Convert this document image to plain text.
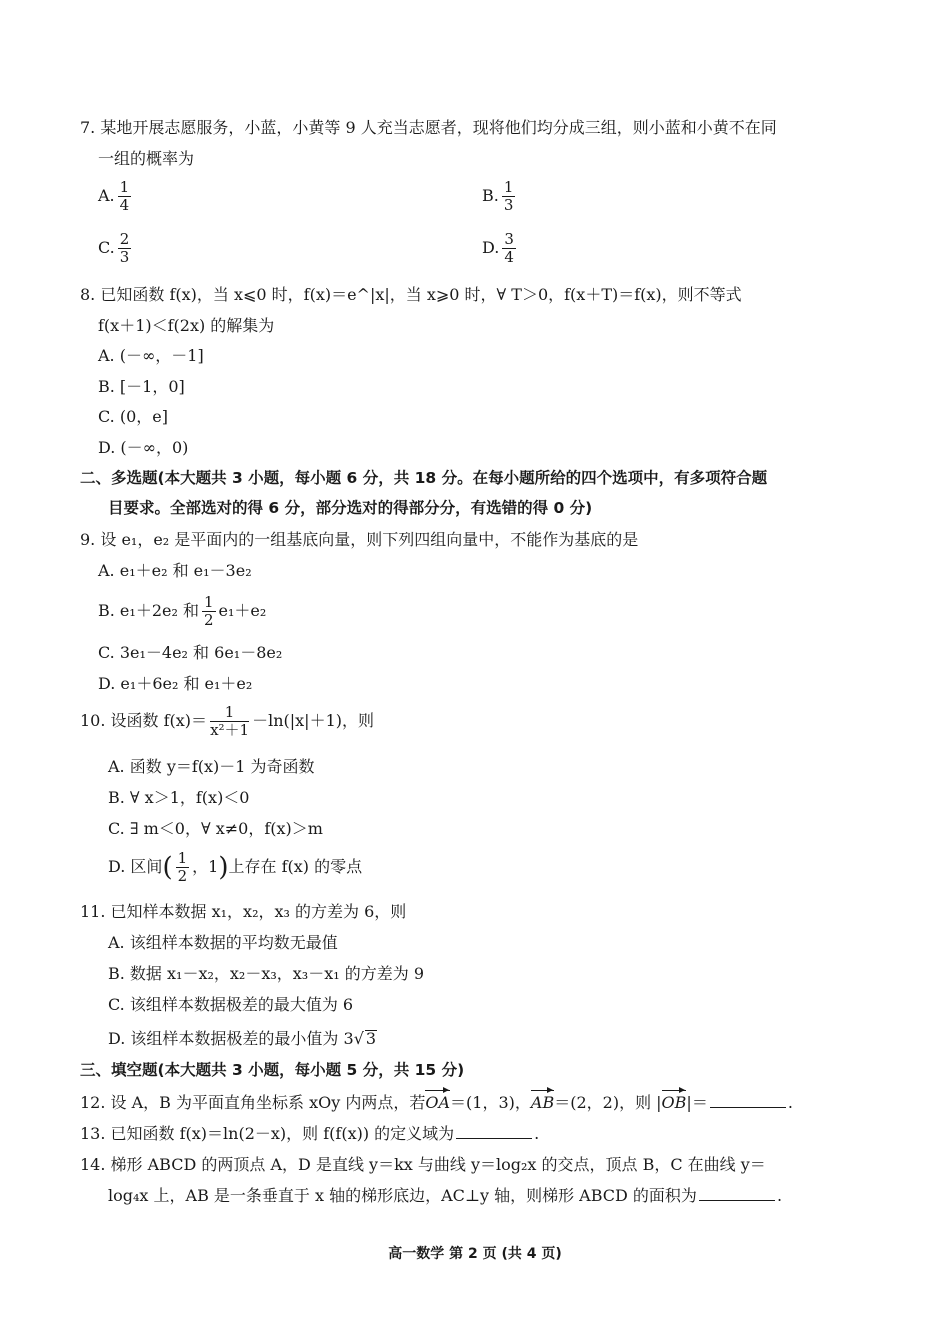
7. 某地开展志愿服务，小蓝，小黄等 9 人充当志愿者，现将他们均分成三组，则小蓝和小黄不在同
一组的概率为
A. $\frac{1}{4}$	B. $\frac{1}{3}$
C. $\frac{2}{3}$	D. $\frac{3}{4}$
8. 已知函数 f(x)，当 x⩽0 时，f(x)＝e^|x|，当 x⩾0 时，∀ T＞0，f(x＋T)＝f(x)，则不等式
f(x＋1)＜f(2x) 的解集为
A. (－∞，－1]
B. [－1，0]
C. (0，e]
D. (－∞，0)
二、多选题(本大题共 3 小题，每小题 6 分，共 18 分。在每小题所给的四个选项中，有多项符合题
目要求。全部选对的得 6 分，部分选对的得部分分，有选错的得 0 分)
9. 设 e₁，e₂ 是平面内的一组基底向量，则下列四组向量中，不能作为基底的是
A. e₁＋e₂ 和 e₁－3e₂
B. e₁＋2e₂ 和 $\frac{1}{2} e_1+e_2$
C. 3e₁－4e₂ 和 6e₁－8e₂
D. e₁＋6e₂ 和 e₁＋e₂
10. 设函数 $f(x)= \frac{1}{\text{x²＋1}} -\ln(|x|+1)$，则
A. 函数 y＝f(x)－1 为奇函数
B. ∀ x＞1，f(x)＜0
C. ∃ m＜0，∀ x≠0，f(x)＞m
D. 区间( $\frac{1}{2}$ ，1)上存在 f(x) 的零点
11. 已知样本数据 x₁，x₂，x₃ 的方差为 6，则
A. 该组样本数据的平均数无最值
B. 数据 x₁－x₂，x₂－x₃，x₃－x₁ 的方差为 9
C. 该组样本数据极差的最大值为 6
D. 该组样本数据极差的最小值为 3√ 3
三、填空题(本大题共 3 小题，每小题 5 分，共 15 分)
12. 设 A，B 为平面直角坐标系 xOy 内两点，若OA＝(1，3)，AB＝(2，2)，则 |OB|＝	.
13. 已知函数 f(x)＝ln(2－x)，则 f(f(x)) 的定义域为	.
14. 梯形 ABCD 的两顶点 A，D 是直线 y＝kx 与曲线 y＝log₂x 的交点，顶点 B，C 在曲线 y＝
log₄x 上，AB 是一条垂直于 x 轴的梯形底边，AC⊥y 轴，则梯形 ABCD 的面积为	.
高一数学 第 2 页 (共 4 页)
